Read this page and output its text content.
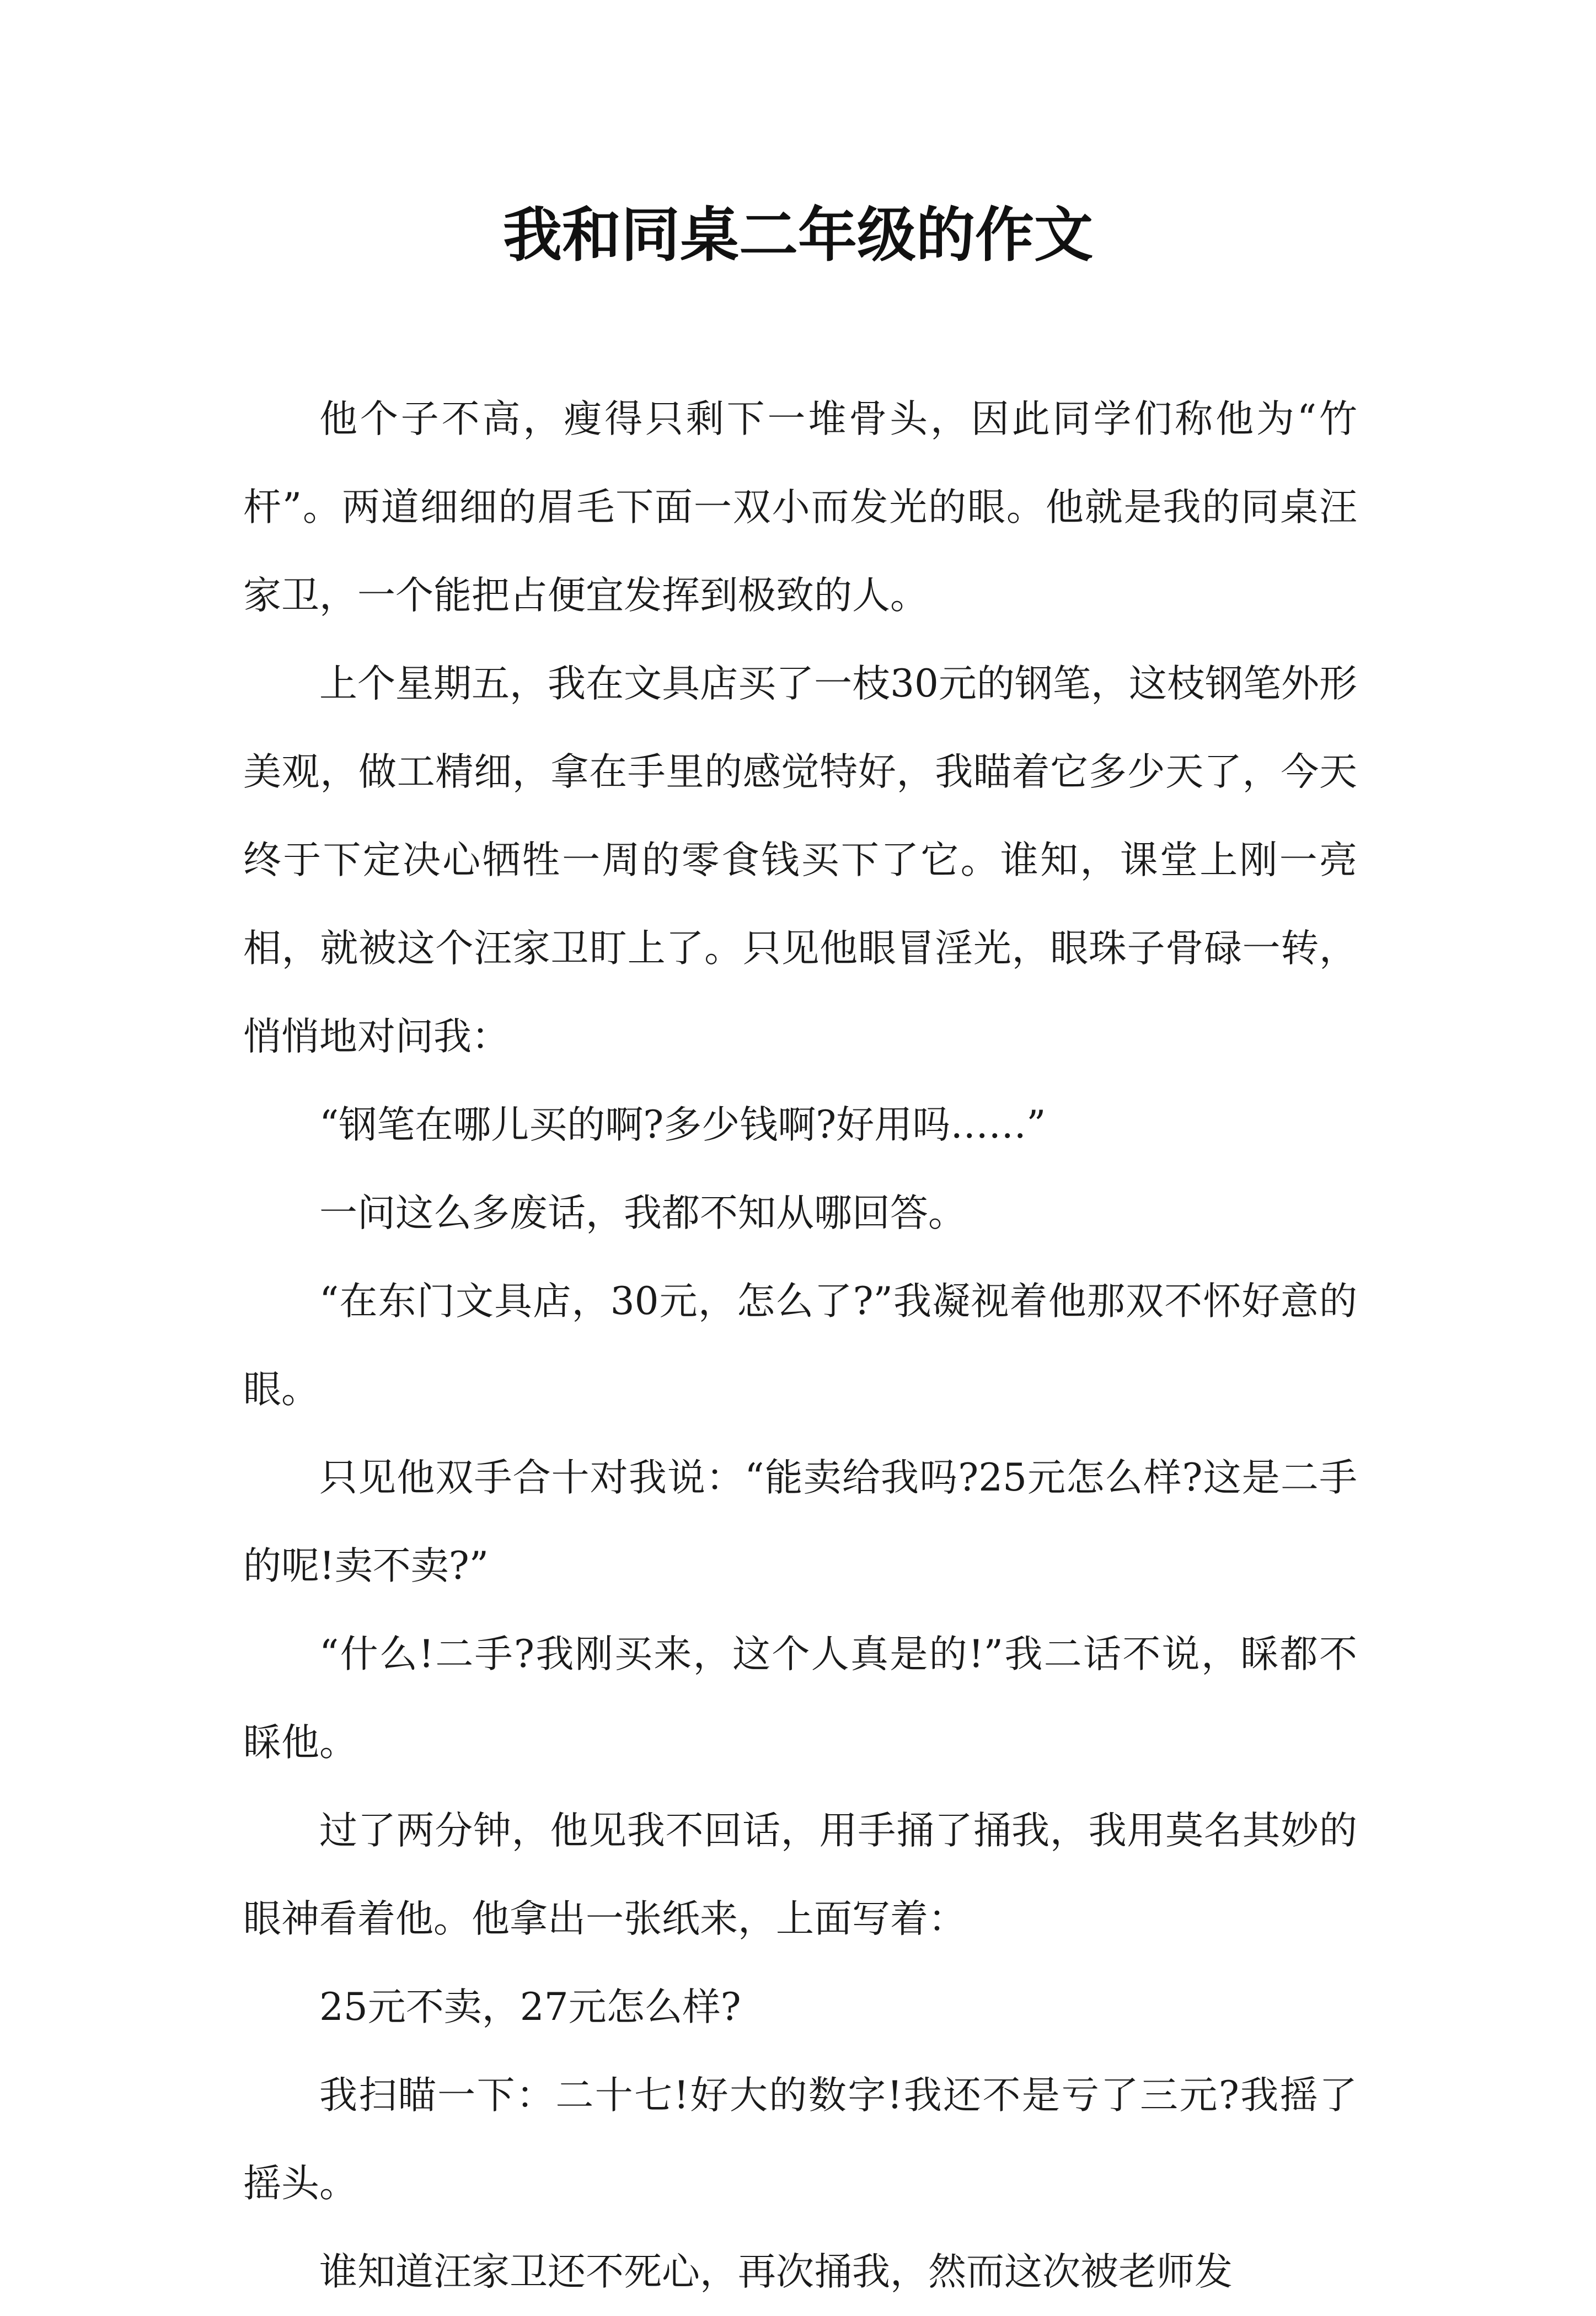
我和同桌二年级的作文

他个子不高，瘦得只剩下一堆骨头，因此同学们称他为“竹杆”。两道细细的眉毛下面一双小而发光的眼。他就是我的同桌汪家卫，一个能把占便宜发挥到极致的人。

上个星期五，我在文具店买了一枝30元的钢笔，这枝钢笔外形美观，做工精细，拿在手里的感觉特好，我瞄着它多少天了，今天终于下定决心牺牲一周的零食钱买下了它。谁知，课堂上刚一亮相，就被这个汪家卫盯上了。只见他眼冒淫光，眼珠子骨碌一转，悄悄地对问我：

“钢笔在哪儿买的啊?多少钱啊?好用吗……”

一问这么多废话，我都不知从哪回答。

“在东门文具店，30元，怎么了?”我凝视着他那双不怀好意的眼。

只见他双手合十对我说：“能卖给我吗?25元怎么样?这是二手的呢!卖不卖?”

“什么!二手?我刚买来，这个人真是的!”我二话不说，睬都不睬他。

过了两分钟，他见我不回话，用手捅了捅我，我用莫名其妙的眼神看着他。他拿出一张纸来，上面写着：

25元不卖，27元怎么样?

我扫瞄一下：二十七!好大的数字!我还不是亏了三元?我摇了摇头。

谁知道汪家卫还不死心，再次捅我，然而这次被老师发
